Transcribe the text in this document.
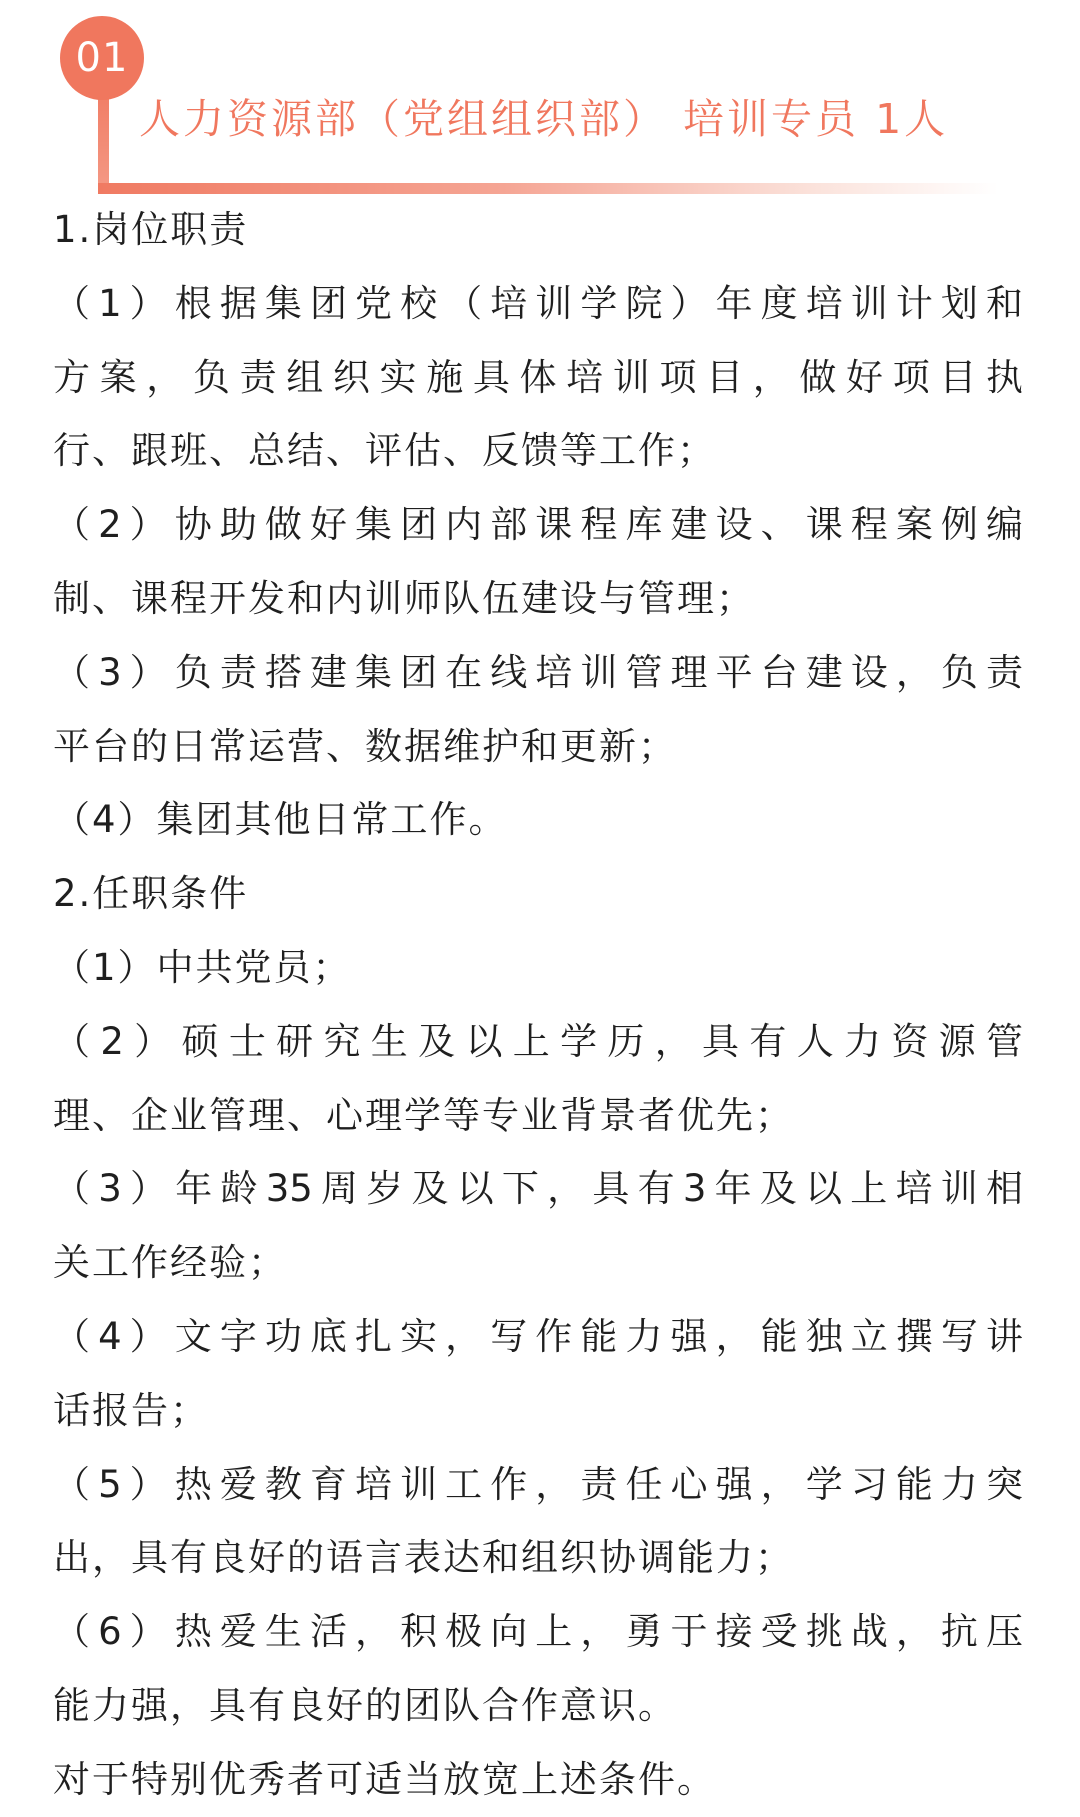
01
人力资源部（党组组织部） 培训专员 1人
1.岗位职责
（1）根据集团党校（培训学院）年度培训计划和
方案，负责组织实施具体培训项目，做好项目执
行、跟班、总结、评估、反馈等工作；
（2）协助做好集团内部课程库建设、课程案例编
制、课程开发和内训师队伍建设与管理；
（3）负责搭建集团在线培训管理平台建设，负责
平台的日常运营、数据维护和更新；
（4）集团其他日常工作。
2.任职条件
（1）中共党员；
（2）硕士研究生及以上学历，具有人力资源管
理、企业管理、心理学等专业背景者优先；
（3）年龄35周岁及以下，具有3年及以上培训相
关工作经验；
（4）文字功底扎实，写作能力强，能独立撰写讲
话报告；
（5）热爱教育培训工作，责任心强，学习能力突
出，具有良好的语言表达和组织协调能力；
（6）热爱生活，积极向上，勇于接受挑战，抗压
能力强，具有良好的团队合作意识。
对于特别优秀者可适当放宽上述条件。
